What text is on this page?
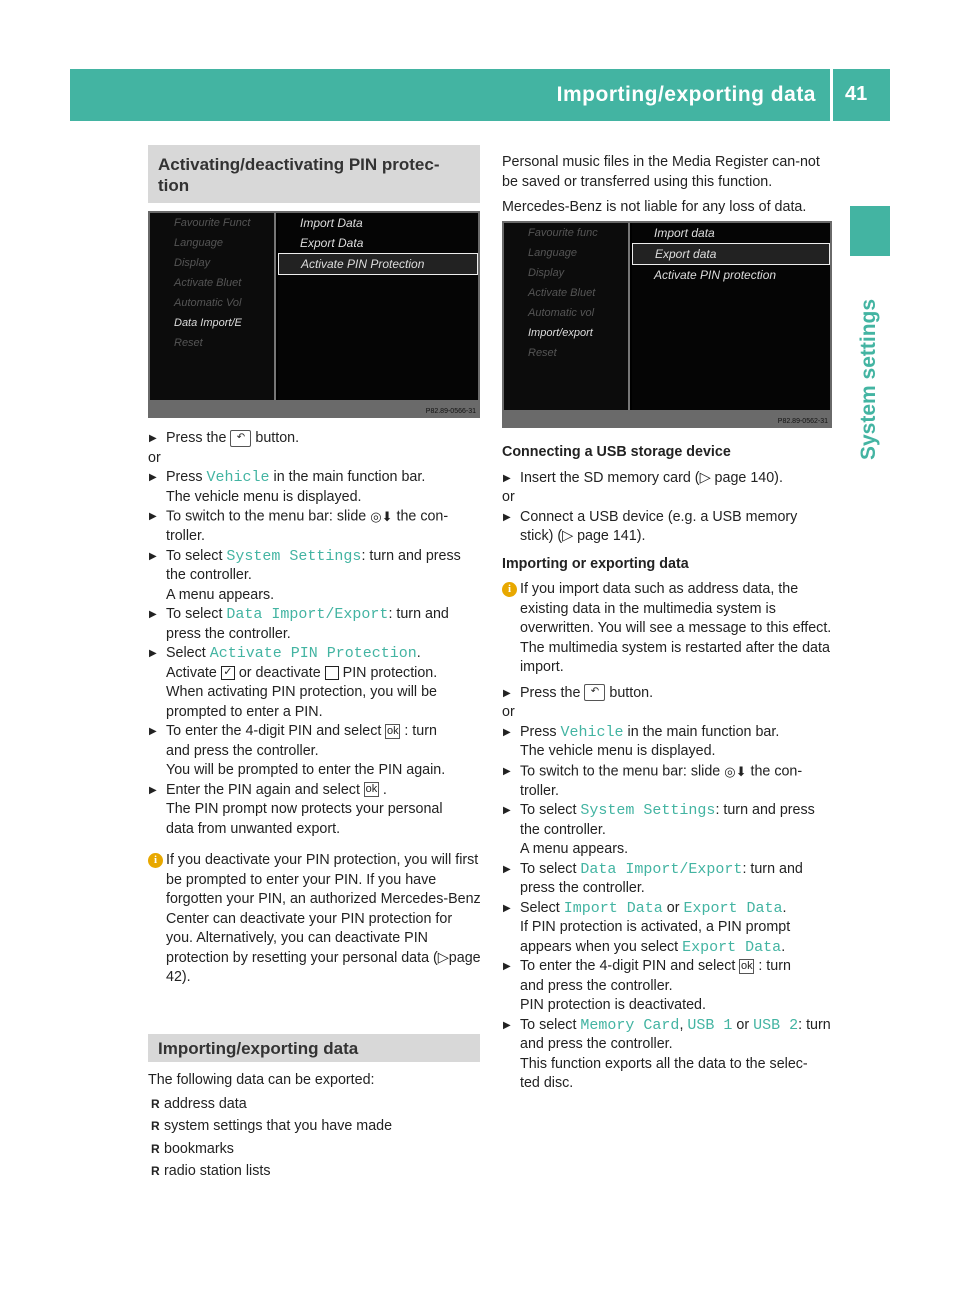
Importing/exporting data 41
System settings
Activating/deactivating PIN protec-
tion
Favourite Funct
Language
Display
Activate Bluet
Automatic Vol
Data Import/E
Reset
Import Data
Export Data
Activate PIN Protection
P82.89-0566-31

▶ Press the ↶ button.

or

▶ Press Vehicle in the main function bar.

The vehicle menu is displayed.

▶ To switch to the menu bar: slide ◎⬇ the con-

troller.

▶ To select System Settings: turn and press

the controller.

A menu appears.

▶ To select Data Import/Export: turn and

press the controller.

▶ Select Activate PIN Protection.

Activate ✓ or deactivate PIN protection.

When activating PIN protection, you will be

prompted to enter a PIN.

▶ To enter the 4-digit PIN and select ok : turn

and press the controller.

You will be prompted to enter the PIN again.

▶ Enter the PIN again and select ok .

The PIN prompt now protects your personal

data from unwanted export.

i If you deactivate your PIN protection, you will first be prompted to enter your PIN. If you have forgotten your PIN, an authorized Mercedes-Benz Center can deactivate your PIN protection for you. Alternatively, you can deactivate PIN protection by resetting your personal data (▷page 42).
Importing/exporting data

The following data can be exported:

R address data

R system settings that you have made

R bookmarks

R radio station lists

Personal music files in the Media Register can-not be saved or transferred using this function.

Mercedes-Benz is not liable for any loss of data.

Favourite func
Language
Display
Activate Bluet
Automatic vol
Import/export
Reset
Import data
Export data
Activate PIN protection
P82.89-0562-31

Connecting a USB storage device

▶ Insert the SD memory card (▷ page 140).

or

▶ Connect a USB device (e.g. a USB memory

stick) (▷ page 141).

Importing or exporting data

i If you import data such as address data, the existing data in the multimedia system is overwritten. You will see a message to this effect. The multimedia system is restarted after the data import.

▶ Press the ↶ button.

or

▶ Press Vehicle in the main function bar.

The vehicle menu is displayed.

▶ To switch to the menu bar: slide ◎⬇ the con-

troller.

▶ To select System Settings: turn and press

the controller.

A menu appears.

▶ To select Data Import/Export: turn and

press the controller.

▶ Select Import Data or Export Data.

If PIN protection is activated, a PIN prompt

appears when you select Export Data.

▶ To enter the 4-digit PIN and select ok : turn

and press the controller.

PIN protection is deactivated.

▶ To select Memory Card, USB 1 or USB 2: turn

and press the controller.

This function exports all the data to the selec-

ted disc.
